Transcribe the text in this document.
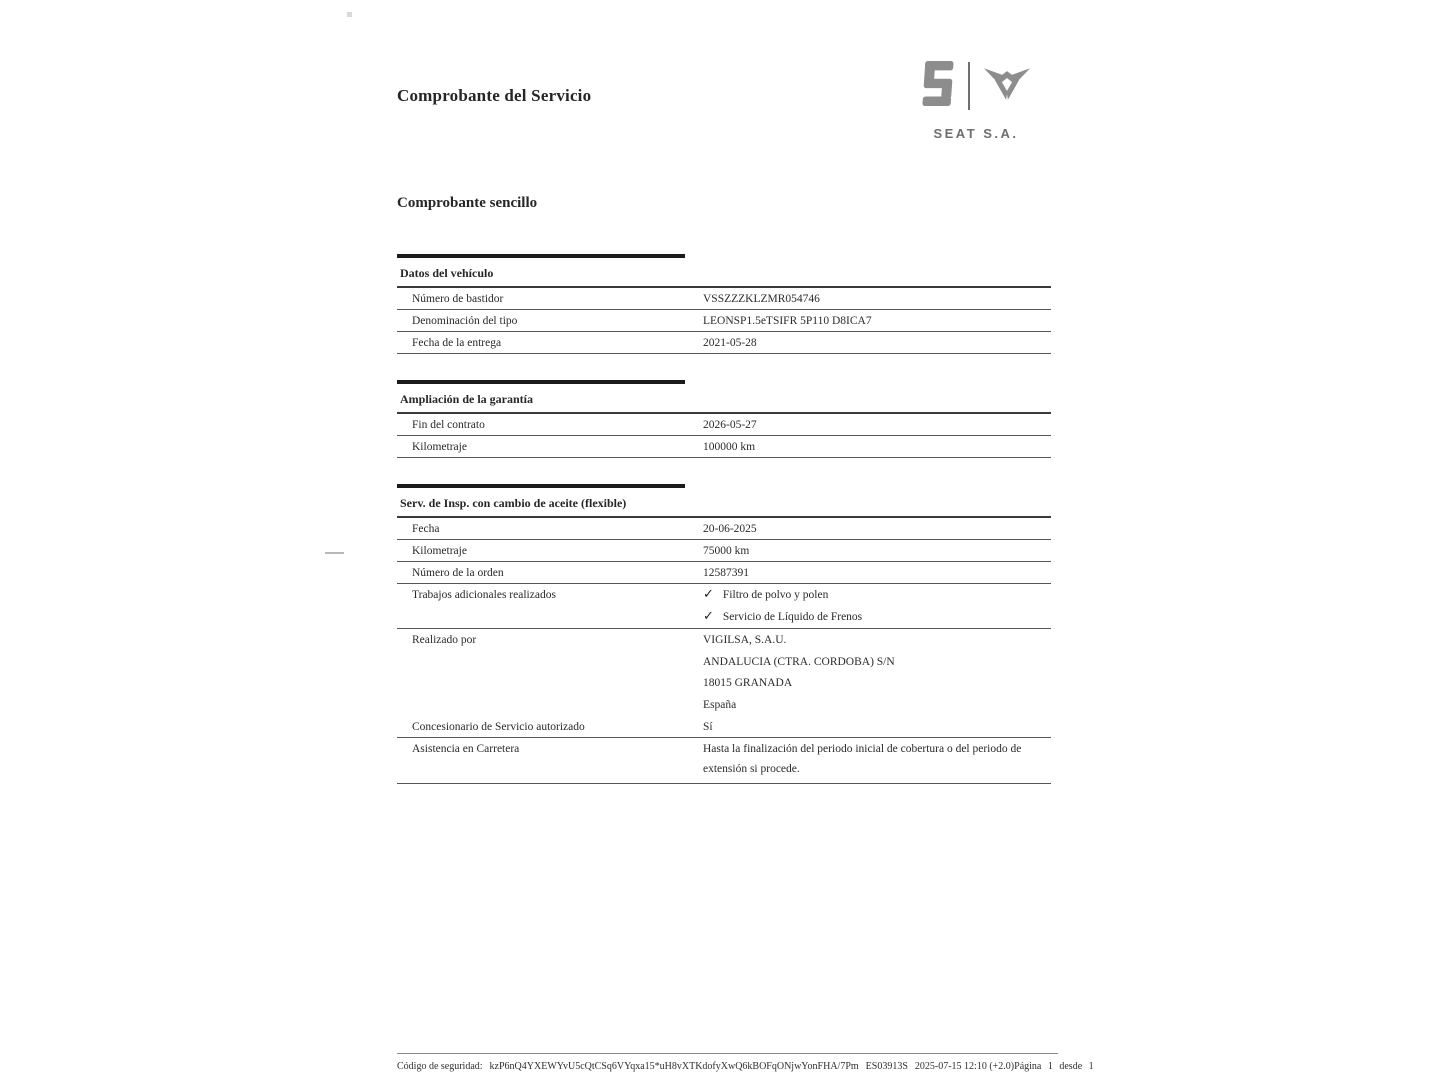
Comprobante del Servicio
SEAT S.A.
Comprobante sencillo
Datos del vehículo
Número de bastidor	VSSZZZKLZMR054746
Denominación del tipo	LEONSP1.5eTSIFR 5P110 D8ICA7
Fecha de la entrega	2021-05-28
Ampliación de la garantía
Fin del contrato	2026-05-27
Kilometraje	100000 km
Serv. de Insp. con cambio de aceite (flexible)
Fecha	20-06-2025
Kilometraje	75000 km
Número de la orden	12587391
Trabajos adicionales realizados	✓ Filtro de polvo y polen
✓ Servicio de Líquido de Frenos
Realizado por	VIGILSA, S.A.U.
ANDALUCIA (CTRA. CORDOBA) S/N
18015 GRANADA
España
Concesionario de Servicio autorizado	Sí
Asistencia en Carretera	Hasta la finalización del periodo inicial de cobertura o del periodo de extensión si procede.
Código de seguridad: kzP6nQ4YXEWYvU5cQtCSq6VYqxa15*uH8vXTKdofyXwQ6kBOFqONjwYonFHA/7Pm ES03913S 2025-07-15 12:10 (+2.0) Página 1 desde 1
